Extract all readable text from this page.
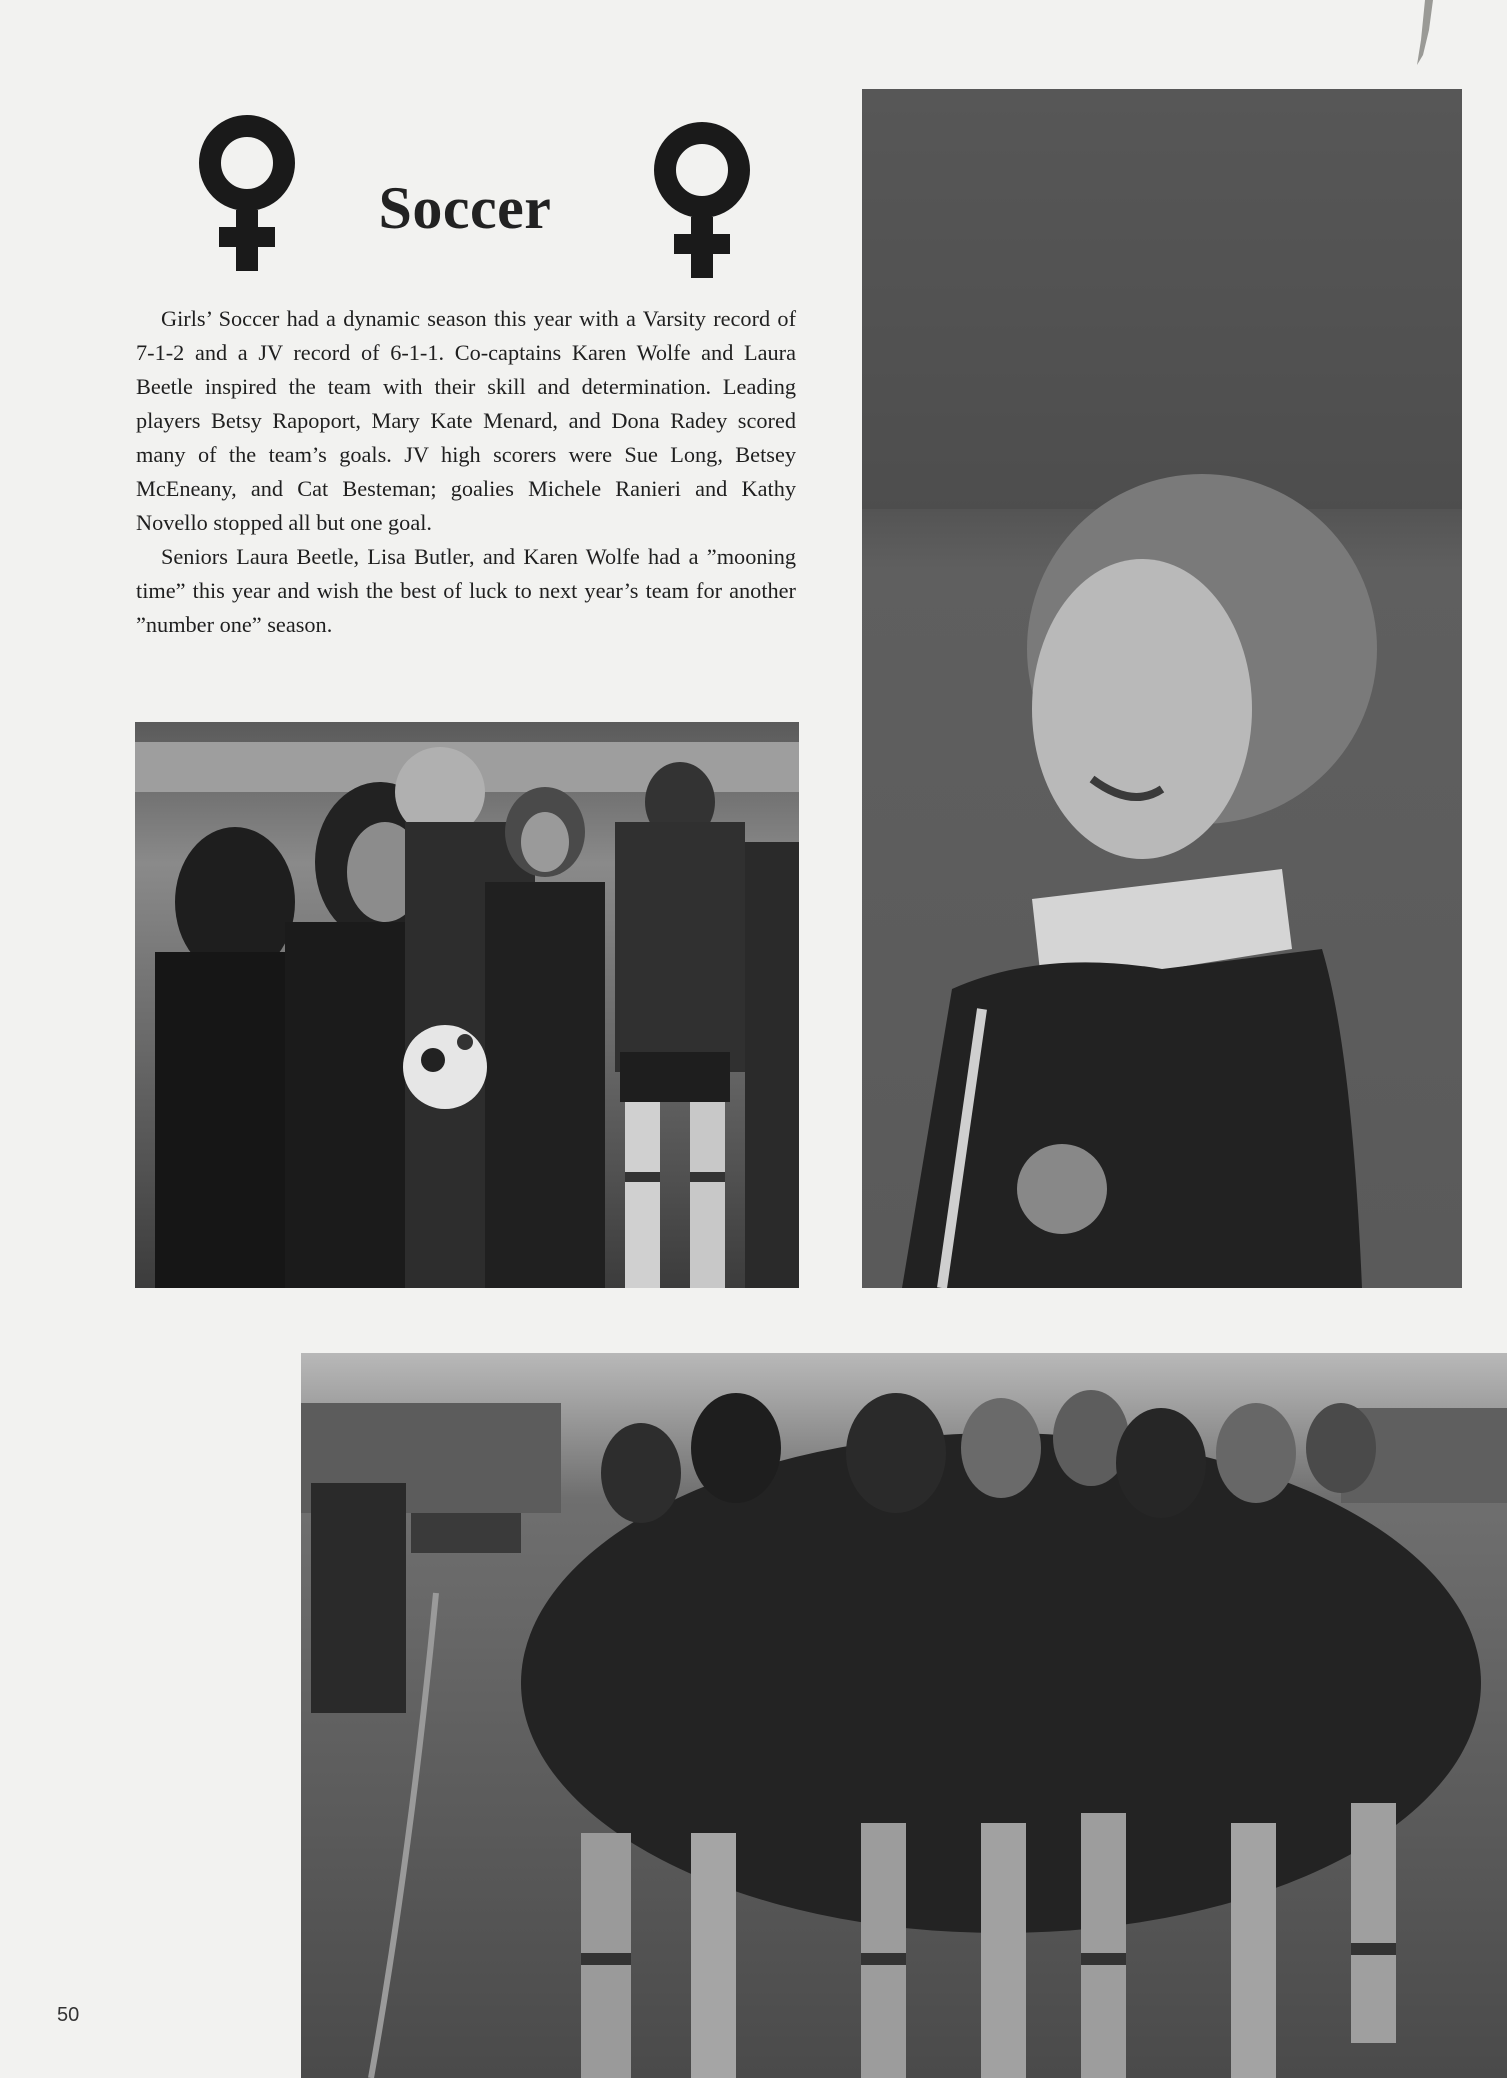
Soccer

Girls’ Soccer had a dynamic season this year with a Varsity record of 7-1-2 and a JV record of 6-1-1. Co-captains Karen Wolfe and Laura Beetle inspired the team with their skill and determination. Leading players Betsy Rapoport, Mary Kate Menard, and Dona Radey scored many of the team’s goals. JV high scorers were Sue Long, Betsey McEneany, and Cat Besteman; goalies Michele Ranieri and Kathy Novello stopped all but one goal.

Seniors Laura Beetle, Lisa Butler, and Karen Wolfe had a ”mooning time” this year and wish the best of luck to next year’s team for another ”number one” season.

50
